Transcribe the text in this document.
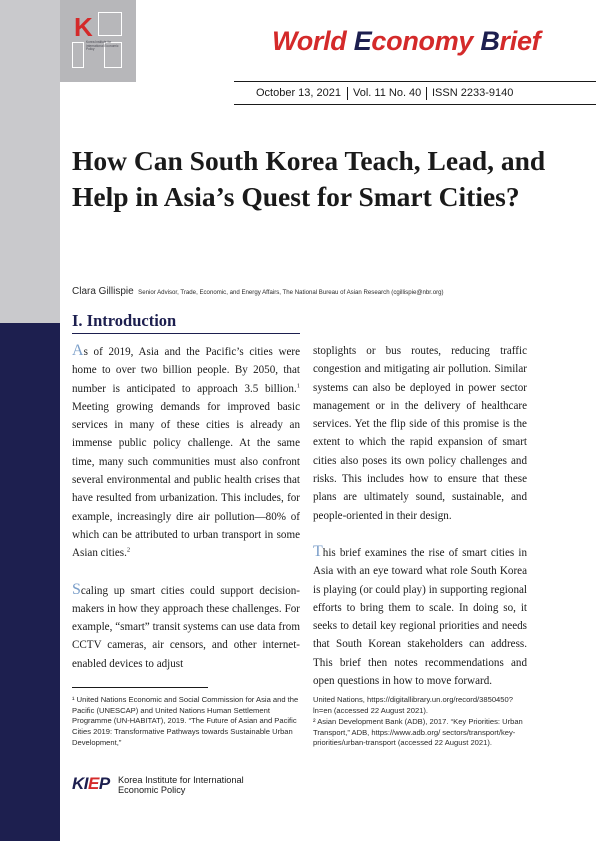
K
Korea Institute for International Economic Policy	World Economy Brief
October 13, 2021 Vol. 11 No. 40 ISSN 2233-9140
How Can South Korea Teach, Lead, and Help in Asia’s Quest for Smart Cities?
Clara Gillispie Senior Advisor, Trade, Economic, and Energy Affairs, The National Bureau of Asian Research (cgillispie@nbr.org)
I. Introduction

As of 2019, Asia and the Pacific’s cities were home to over two billion people. By 2050, that number is anticipated to approach 3.5 billion.$^1$ Meeting growing demands for improved basic services in many of these cities is already an immense public policy challenge. At the same time, many such communities must also confront several environmental and public health crises that have resulted from urbanization. This includes, for example, increasingly dire air pollution—80% of which can be attributed to urban transport in some Asian cities.$^2$

Scaling up smart cities could support decision-makers in how they approach these challenges. For example, “smart” transit systems can use data from CCTV cameras, air censors, and other internet-enabled devices to adjust

stoplights or bus routes, reducing traffic congestion and mitigating air pollution. Similar systems can also be deployed in power sector management or in the delivery of healthcare services. Yet the flip side of this promise is the extent to which the rapid expansion of smart cities also poses its own policy challenges and risks. This includes how to ensure that these plans are ultimately sound, sustainable, and people-oriented in their design.

This brief examines the rise of smart cities in Asia with an eye toward what role South Korea is playing (or could play) in supporting regional efforts to bring them to scale. In doing so, it seeks to detail key regional priorities and needs that South Korean stakeholders can address. This brief then notes recommendations and open questions in how to move forward.

¹ United Nations Economic and Social Commission for Asia and the Pacific (UNESCAP) and United Nations Human Settlement Programme (UN-HABITAT), 2019. “The Future of Asian and Pacific Cities 2019: Transformative Pathways towards Sustainable Urban Development,”
United Nations, https://digitallibrary.un.org/record/3850450?ln=en (accessed 22 August 2021).
² Asian Development Bank (ADB), 2017. “Key Priorities: Urban Transport,” ADB, https://www.adb.org/ sectors/transport/key-priorities/urban-transport (accessed 22 August 2021).
KIEP Korea Institute for International Economic Policy
